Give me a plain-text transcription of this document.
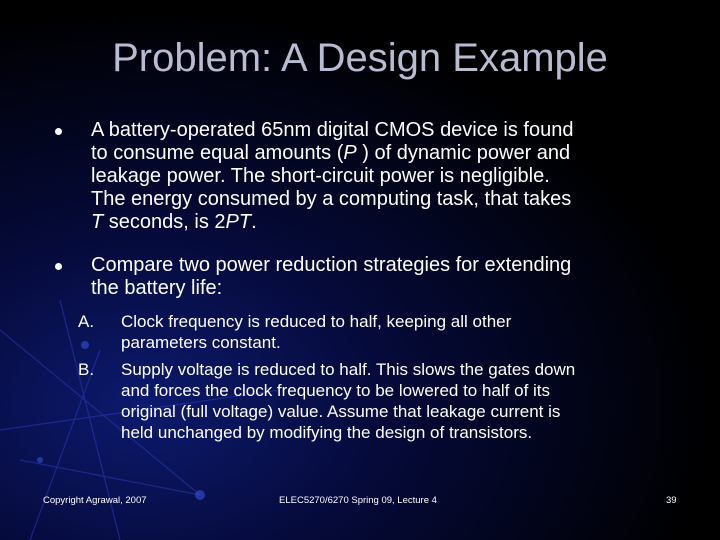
Problem: A Design Example
A battery-operated 65nm digital CMOS device is found
to consume equal amounts (P ) of dynamic power and
leakage power. The short-circuit power is negligible.
The energy consumed by a computing task, that takes
T seconds, is 2PT.
Compare two power reduction strategies for extending
the battery life:
A.	Clock frequency is reduced to half, keeping all other
parameters constant.
B.	Supply voltage is reduced to half. This slows the gates down
and forces the clock frequency to be lowered to half of its
original (full voltage) value. Assume that leakage current is
held unchanged by modifying the design of transistors.
Copyright Agrawal, 2007	ELEC5270/6270 Spring 09, Lecture 4	39
